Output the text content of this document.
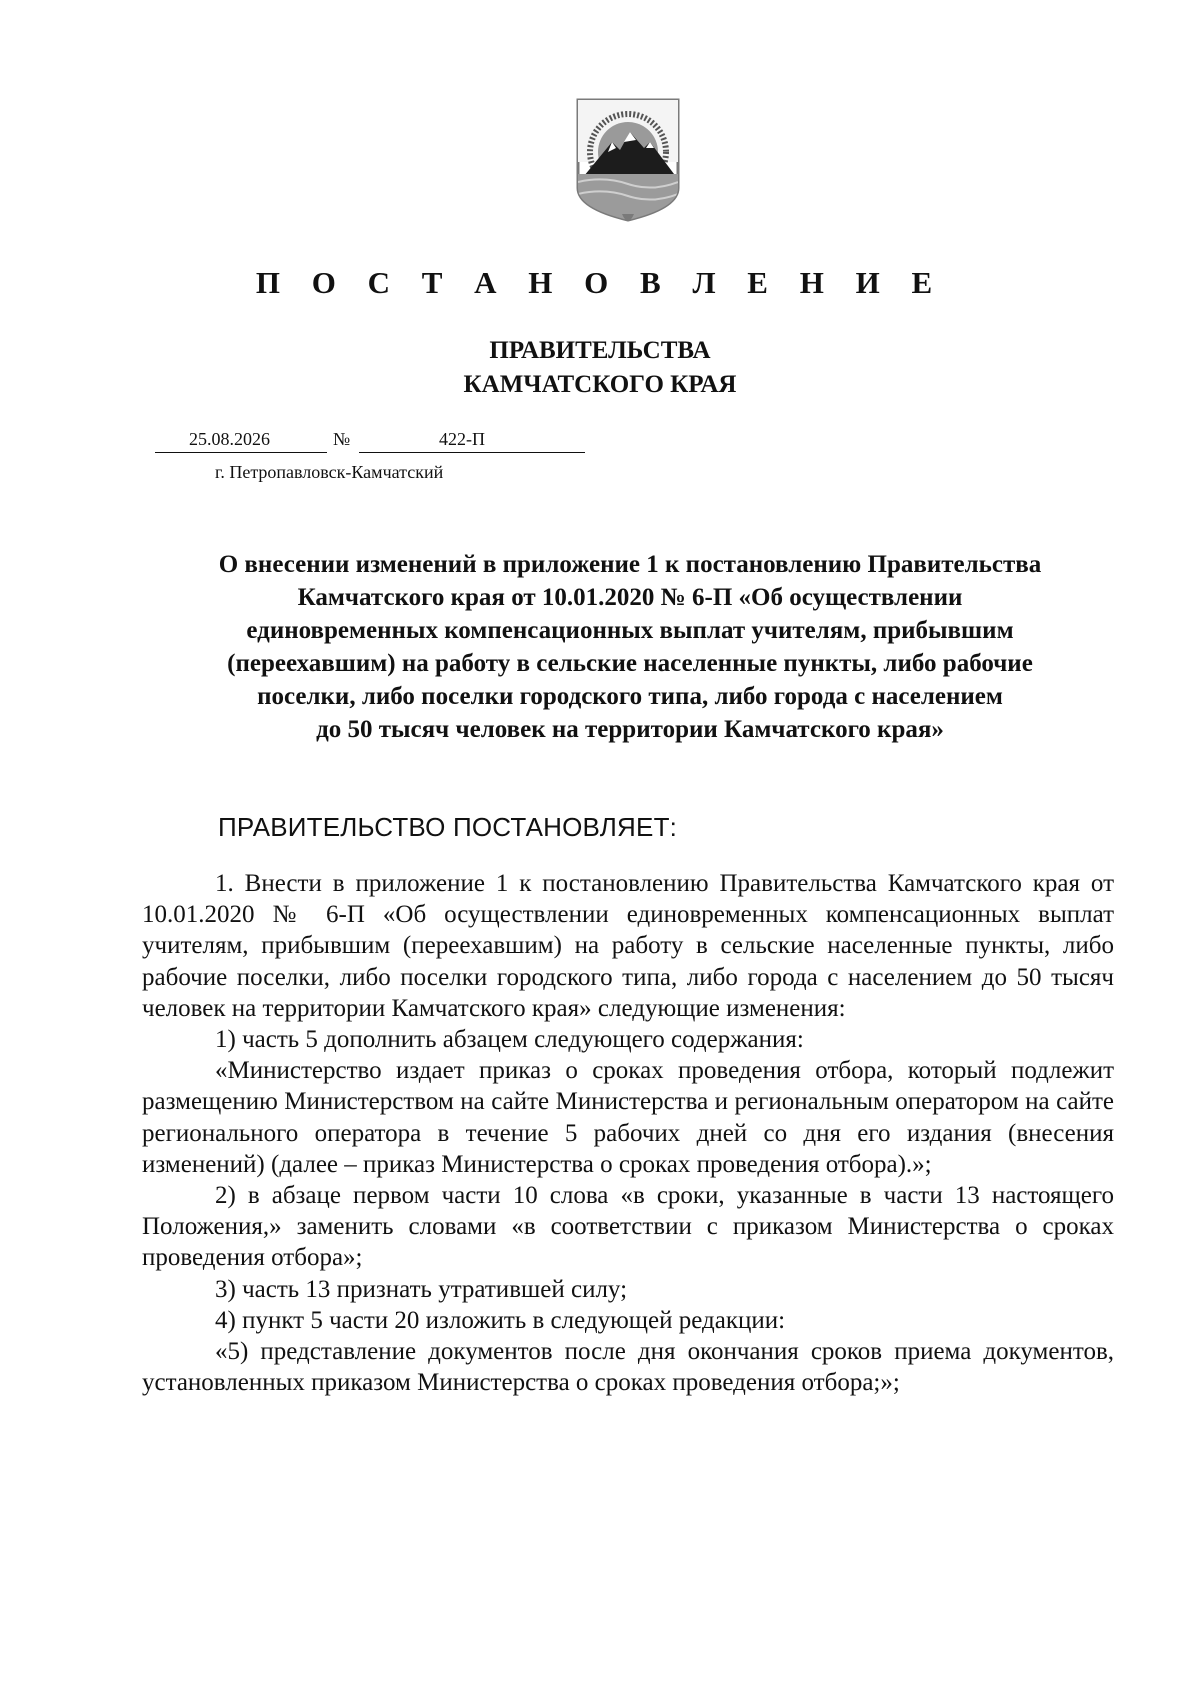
П О С Т А Н О В Л Е Н И Е
ПРАВИТЕЛЬСТВА
КАМЧАТСКОГО КРАЯ
25.08.2026	№	422-П
г. Петропавловск-Камчатский
О внесении изменений в приложение 1 к постановлению Правительства
Камчатского края от 10.01.2020 № 6-П «Об осуществлении
единовременных компенсационных выплат учителям, прибывшим
(переехавшим) на работу в сельские населенные пункты, либо рабочие
поселки, либо поселки городского типа, либо города с населением
до 50 тысяч человек на территории Камчатского края»
ПРАВИТЕЛЬСТВО ПОСТАНОВЛЯЕТ:

1. Внести в приложение 1 к постановлению Правительства Камчатского края от 10.01.2020 № 6-П «Об осуществлении единовременных компенсационных выплат учителям, прибывшим (переехавшим) на работу в сельские населенные пункты, либо рабочие поселки, либо поселки городского типа, либо города с населением до 50 тысяч человек на территории Камчатского края» следующие изменения:

1) часть 5 дополнить абзацем следующего содержания:

«Министерство издает приказ о сроках проведения отбора, который подлежит размещению Министерством на сайте Министерства и региональным оператором на сайте регионального оператора в течение 5 рабочих дней со дня его издания (внесения изменений) (далее – приказ Министерства о сроках проведения отбора).»;

2) в абзаце первом части 10 слова «в сроки, указанные в части 13 настоящего Положения,» заменить словами «в соответствии с приказом Министерства о сроках проведения отбора»;

3) часть 13 признать утратившей силу;

4) пункт 5 части 20 изложить в следующей редакции:

«5) представление документов после дня окончания сроков приема документов, установленных приказом Министерства о сроках проведения отбора;»;
